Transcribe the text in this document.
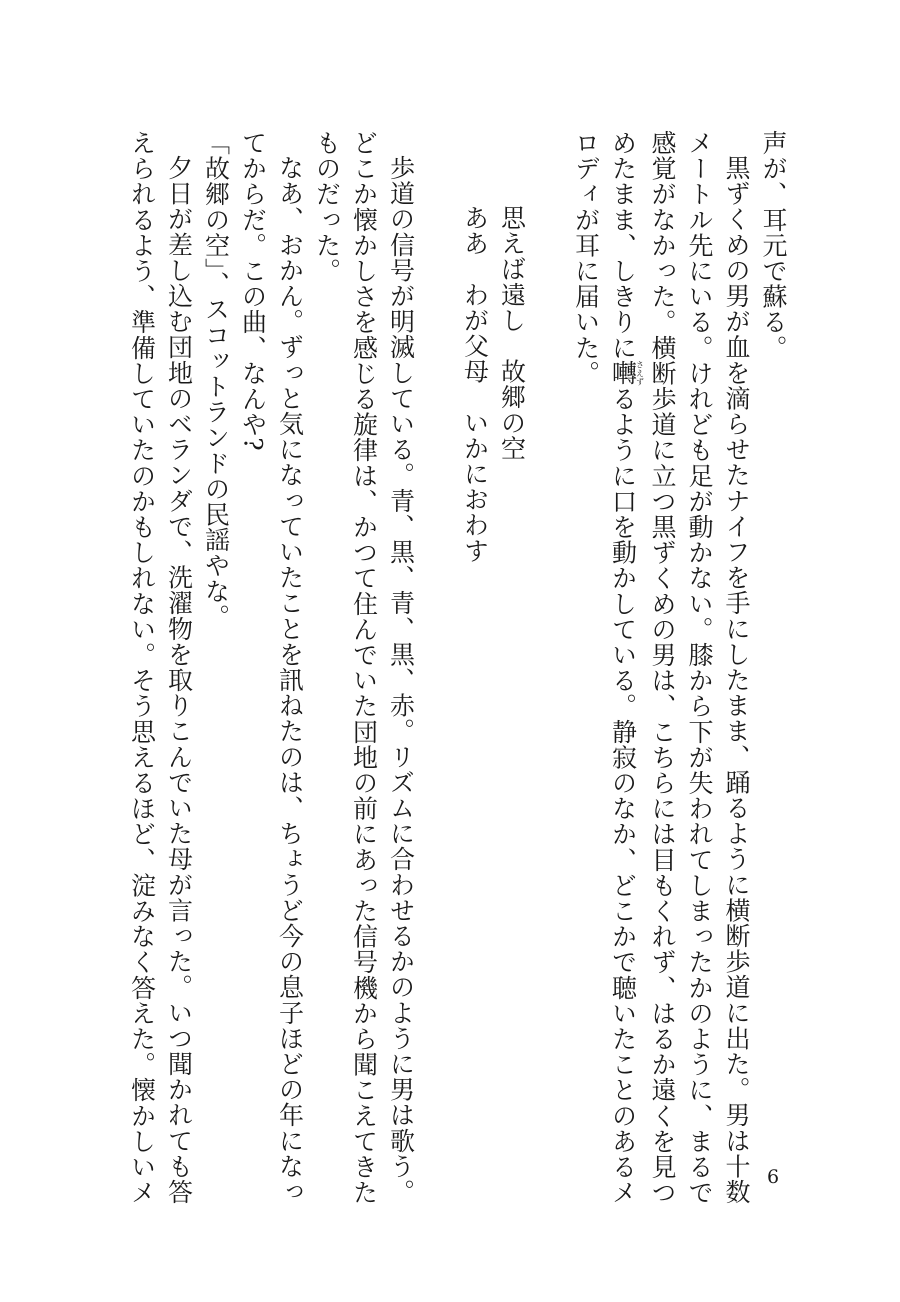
声が、耳元で蘇る。
黒ずくめの男が血を滴らせたナイフを手にしたまま、踊るように横断歩道に出た。男は十数
メートル先にいる。けれども足が動かない。膝から下が失われてしまったかのように、まるで
感覚がなかった。横断歩道に立つ黒ずくめの男は、こちらには目もくれず、はるか遠くを見つ
めたまま、しきりに囀さえずるように口を動かしている。静寂のなか、どこかで聴いたことのあるメ
ロディが耳に届いた。
思えば遠し　故郷の空
ああ　わが父母　いかにおわす
歩道の信号が明滅している。青、黒、青、黒、赤。リズムに合わせるかのように男は歌う。
どこか懐かしさを感じる旋律は、かつて住んでいた団地の前にあった信号機から聞こえてきた
ものだった。
なあ、おかん。ずっと気になっていたことを訊ねたのは、ちょうど今の息子ほどの年になっ
てからだ。この曲、なんや?
「故郷の空」、スコットランドの民謡やな。
夕日が差し込む団地のベランダで、洗濯物を取りこんでいた母が言った。いつ聞かれても答
えられるよう、準備していたのかもしれない。そう思えるほど、淀みなく答えた。懐かしいメ	6
